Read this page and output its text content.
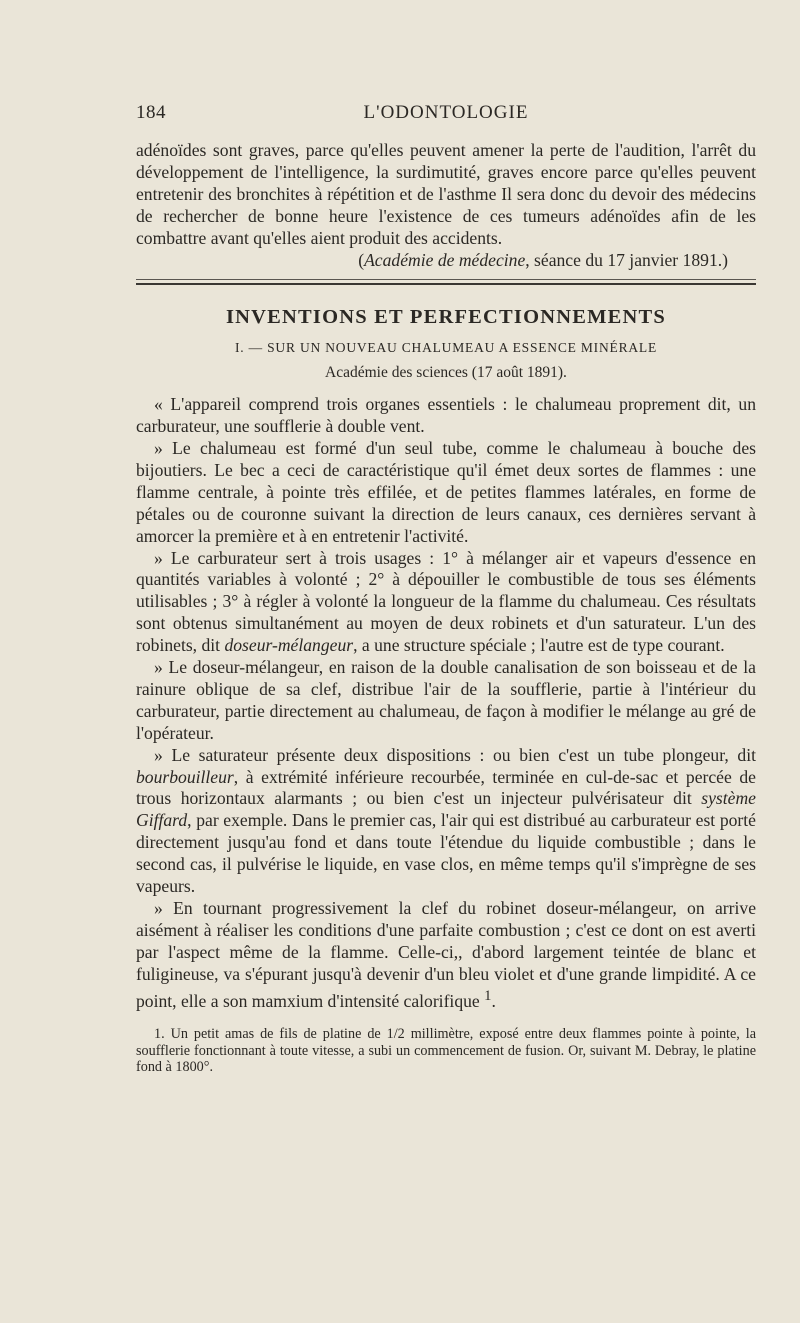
184	L'ODONTOLOGIE

adénoïdes sont graves, parce qu'elles peuvent amener la perte de l'audition, l'arrêt du développement de l'intelligence, la surdimutité, graves encore parce qu'elles peuvent entretenir des bronchites à répétition et de l'asthme Il sera donc du devoir des médecins de rechercher de bonne heure l'existence de ces tumeurs adénoïdes afin de les combattre avant qu'elles aient produit des accidents.

(Académie de médecine, séance du 17 janvier 1891.)

INVENTIONS ET PERFECTIONNEMENTS
I. — SUR UN NOUVEAU CHALUMEAU A ESSENCE MINÉRALE
Académie des sciences (17 août 1891).

« L'appareil comprend trois organes essentiels : le chalumeau proprement dit, un carburateur, une soufflerie à double vent.

» Le chalumeau est formé d'un seul tube, comme le chalumeau à bouche des bijoutiers. Le bec a ceci de caractéristique qu'il émet deux sortes de flammes : une flamme centrale, à pointe très effilée, et de petites flammes latérales, en forme de pétales ou de couronne suivant la direction de leurs canaux, ces dernières servant à amorcer la première et à en entretenir l'activité.

» Le carburateur sert à trois usages : 1° à mélanger air et vapeurs d'essence en quantités variables à volonté ; 2° à dépouiller le combustible de tous ses éléments utilisables ; 3° à régler à volonté la longueur de la flamme du chalumeau. Ces résultats sont obtenus simultanément au moyen de deux robinets et d'un saturateur. L'un des robinets, dit doseur-mélangeur, a une structure spéciale ; l'autre est de type courant.

» Le doseur-mélangeur, en raison de la double canalisation de son boisseau et de la rainure oblique de sa clef, distribue l'air de la soufflerie, partie à l'intérieur du carburateur, partie directement au chalumeau, de façon à modifier le mélange au gré de l'opérateur.

» Le saturateur présente deux dispositions : ou bien c'est un tube plongeur, dit bourbouilleur, à extrémité inférieure recourbée, terminée en cul-de-sac et percée de trous horizontaux alarmants ; ou bien c'est un injecteur pulvérisateur dit système Giffard, par exemple. Dans le premier cas, l'air qui est distribué au carburateur est porté directement jusqu'au fond et dans toute l'étendue du liquide combustible ; dans le second cas, il pulvérise le liquide, en vase clos, en même temps qu'il s'imprègne de ses vapeurs.

» En tournant progressivement la clef du robinet doseur-mélangeur, on arrive aisément à réaliser les conditions d'une parfaite combustion ; c'est ce dont on est averti par l'aspect même de la flamme. Celle-ci,, d'abord largement teintée de blanc et fuligineuse, va s'épurant jusqu'à devenir d'un bleu violet et d'une grande limpidité. A ce point, elle a son mamxium d'intensité calorifique $^1$.

1. Un petit amas de fils de platine de 1/2 millimètre, exposé entre deux flammes pointe à pointe, la soufflerie fonctionnant à toute vitesse, a subi un commencement de fusion. Or, suivant M. Debray, le platine fond à 1800°.
